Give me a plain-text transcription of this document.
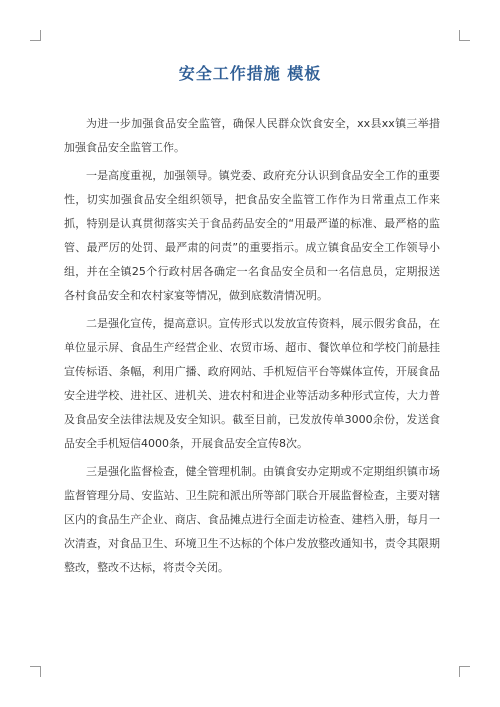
安全工作措施 模板

为进一步加强食品安全监管，确保人民群众饮食安全，xx县xx镇三举措加强食品安全监管工作。

一是高度重视，加强领导。镇党委、政府充分认识到食品安全工作的重要性，切实加强食品安全组织领导，把食品安全监管工作作为日常重点工作来抓，特别是认真贯彻落实关于食品药品安全的“用最严谨的标准、最严格的监管、最严厉的处罚、最严肃的问责”的重要指示。成立镇食品安全工作领导小组，并在全镇25个行政村居各确定一名食品安全员和一名信息员，定期报送各村食品安全和农村家宴等情况，做到底数清情况明。

二是强化宣传，提高意识。宣传形式以发放宣传资料，展示假劣食品，在单位显示屏、食品生产经营企业、农贸市场、超市、餐饮单位和学校门前悬挂宣传标语、条幅，利用广播、政府网站、手机短信平台等媒体宣传，开展食品安全进学校、进社区、进机关、进农村和进企业等活动多种形式宣传，大力普及食品安全法律法规及安全知识。截至目前，已发放传单3000余份，发送食品安全手机短信4000条，开展食品安全宣传8次。

三是强化监督检查，健全管理机制。由镇食安办定期或不定期组织镇市场监督管理分局、安监站、卫生院和派出所等部门联合开展监督检查，主要对辖区内的食品生产企业、商店、食品摊点进行全面走访检查、建档入册，每月一次清查，对食品卫生、环境卫生不达标的个体户发放整改通知书，责令其限期整改，整改不达标，将责令关闭。
